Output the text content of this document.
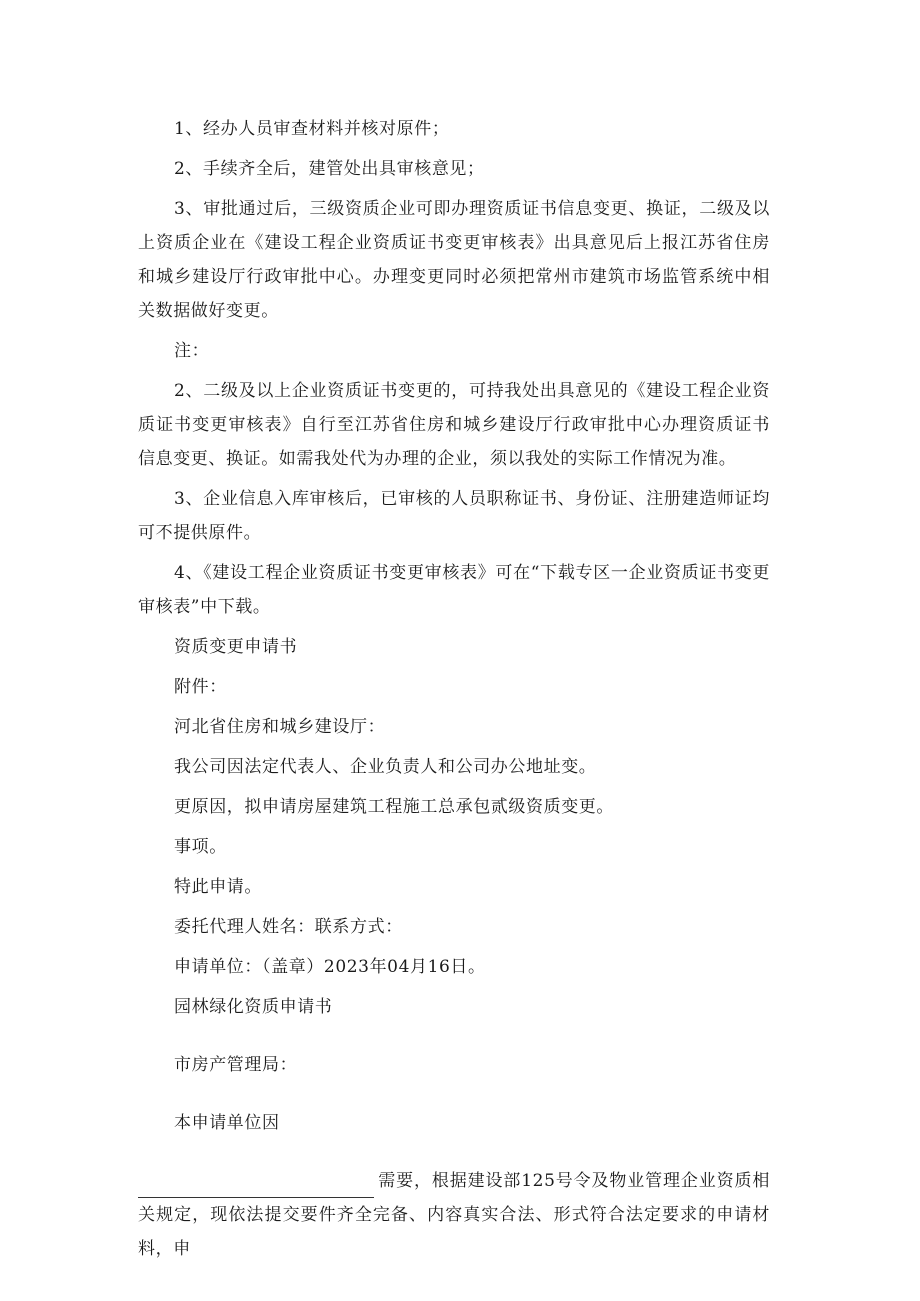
1、经办人员审查材料并核对原件；

2、手续齐全后，建管处出具审核意见；

3、审批通过后，三级资质企业可即办理资质证书信息变更、换证，二级及以上资质企业在《建设工程企业资质证书变更审核表》出具意见后上报江苏省住房和城乡建设厅行政审批中心。办理变更同时必须把常州市建筑市场监管系统中相关数据做好变更。

注：

2、二级及以上企业资质证书变更的，可持我处出具意见的《建设工程企业资质证书变更审核表》自行至江苏省住房和城乡建设厅行政审批中心办理资质证书信息变更、换证。如需我处代为办理的企业，须以我处的实际工作情况为准。

3、企业信息入库审核后，已审核的人员职称证书、身份证、注册建造师证均可不提供原件。

4、《建设工程企业资质证书变更审核表》可在“下载专区一企业资质证书变更审核表”中下载。

资质变更申请书

附件：

河北省住房和城乡建设厅：

我公司因法定代表人、企业负责人和公司办公地址变。

更原因，拟申请房屋建筑工程施工总承包贰级资质变更。

事项。

特此申请。

委托代理人姓名：联系方式：

申请单位：（盖章）2023年04月16日。

园林绿化资质申请书

市房产管理局：

本申请单位因

需要，根据建设部125号令及物业管理企业资质相关规定，现依法提交要件齐全完备、内容真实合法、形式符合法定要求的申请材料，申
